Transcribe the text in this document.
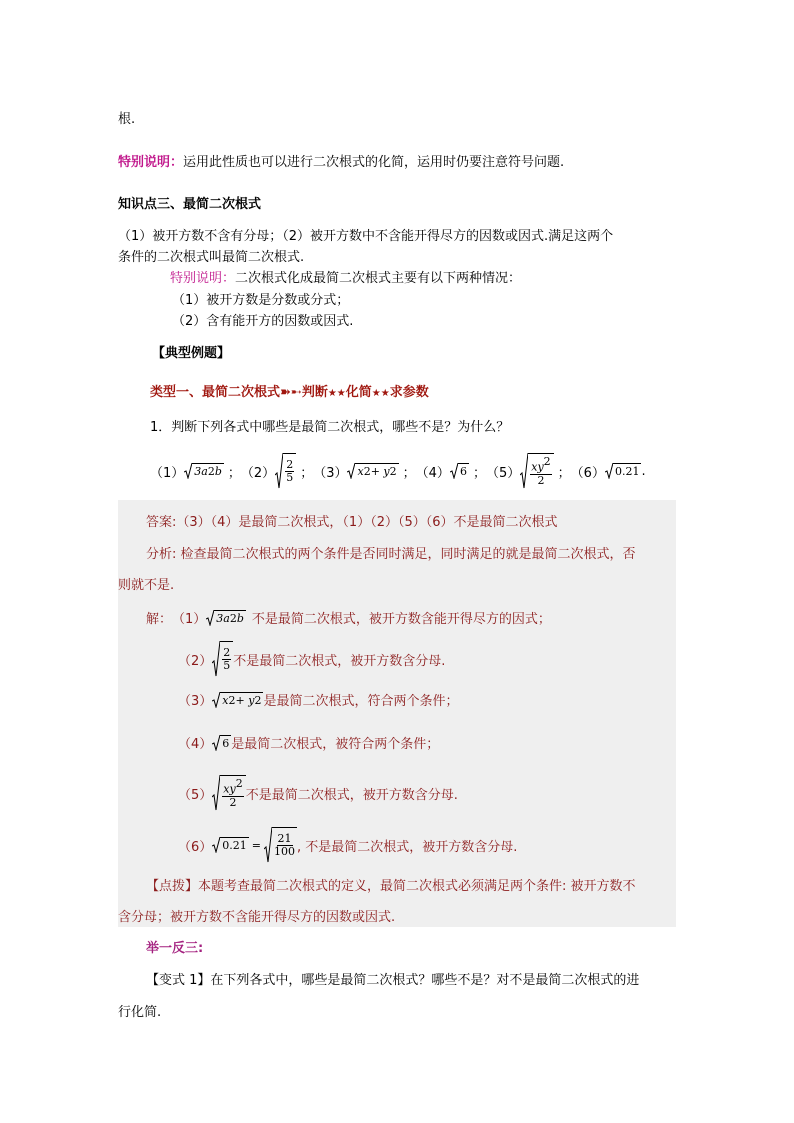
根.
特别说明：运用此性质也可以进行二次根式的化简，运用时仍要注意符号问题.
知识点三、最简二次根式
（1）被开方数不含有分母；（2）被开方数中不含能开得尽方的因数或因式.满足这两个
条件的二次根式叫最简二次根式.
特别说明：二次根式化成最简二次根式主要有以下两种情况：
（1）被开方数是分数或分式；
（2）含有能开方的因数或因式.
【典型例题】
类型一、最简二次根式➽➸判断★★化简★★求参数
1．判断下列各式中哪些是最简二次根式，哪些不是？为什么？
（1） 3a 2 b ； $(2) \frac{2}{5}$ ； （3） x 2 + y 2 ； （4） 6 ； $(5) \frac{xy^2}{2}$ ； （6） 0.21 .
答案:（3）（4）是最简二次根式，（1）（2）（5）（6）不是最简二次根式
分析: 检查最简二次根式的两个条件是否同时满足，同时满足的就是最简二次根式，否
则就不是.
解： （1） 3a 2 b 不是最简二次根式，被开方数含能开得尽方的因式；
$(2) \frac{2}{5}$ 不是最简二次根式，被开方数含分母.
（3） x 2 + y 2 是最简二次根式，符合两个条件；
（4） 6 是最简二次根式，被符合两个条件；
$(5) \frac{xy^2}{2}$ 不是最简二次根式，被开方数含分母.
（6） $0.21 = \frac{21}{100}$ , 不是最简二次根式，被开方数含分母.
【点拨】本题考查最简二次根式的定义，最简二次根式必须满足两个条件: 被开方数不
含分母；被开方数不含能开得尽方的因数或因式.
举一反三:
【变式 1】在下列各式中，哪些是最简二次根式？哪些不是？对不是最简二次根式的进
行化简.
